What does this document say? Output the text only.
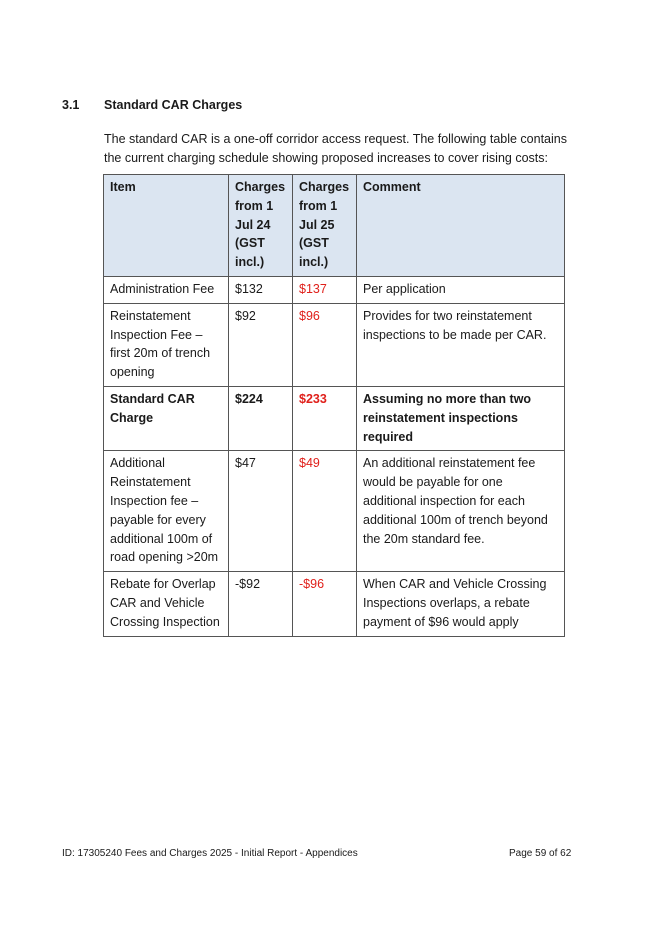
3.1 Standard CAR Charges
The standard CAR is a one-off corridor access request. The following table contains the current charging schedule showing proposed increases to cover rising costs:
Item	Charges from 1 Jul 24 (GST incl.)	Charges from 1 Jul 25 (GST incl.)	Comment
Administration Fee	$132	$137	Per application
Reinstatement Inspection Fee – first 20m of trench opening	$92	$96	Provides for two reinstatement inspections to be made per CAR.
Standard CAR Charge	$224	$233	Assuming no more than two reinstatement inspections required
Additional Reinstatement Inspection fee – payable for every additional 100m of road opening >20m	$47	$49	An additional reinstatement fee would be payable for one additional inspection for each additional 100m of trench beyond the 20m standard fee.
Rebate for Overlap CAR and Vehicle Crossing Inspection	-$92	-$96	When CAR and Vehicle Crossing Inspections overlaps, a rebate payment of $96 would apply
ID: 17305240 Fees and Charges 2025 - Initial Report - Appendices	Page 59 of 62
